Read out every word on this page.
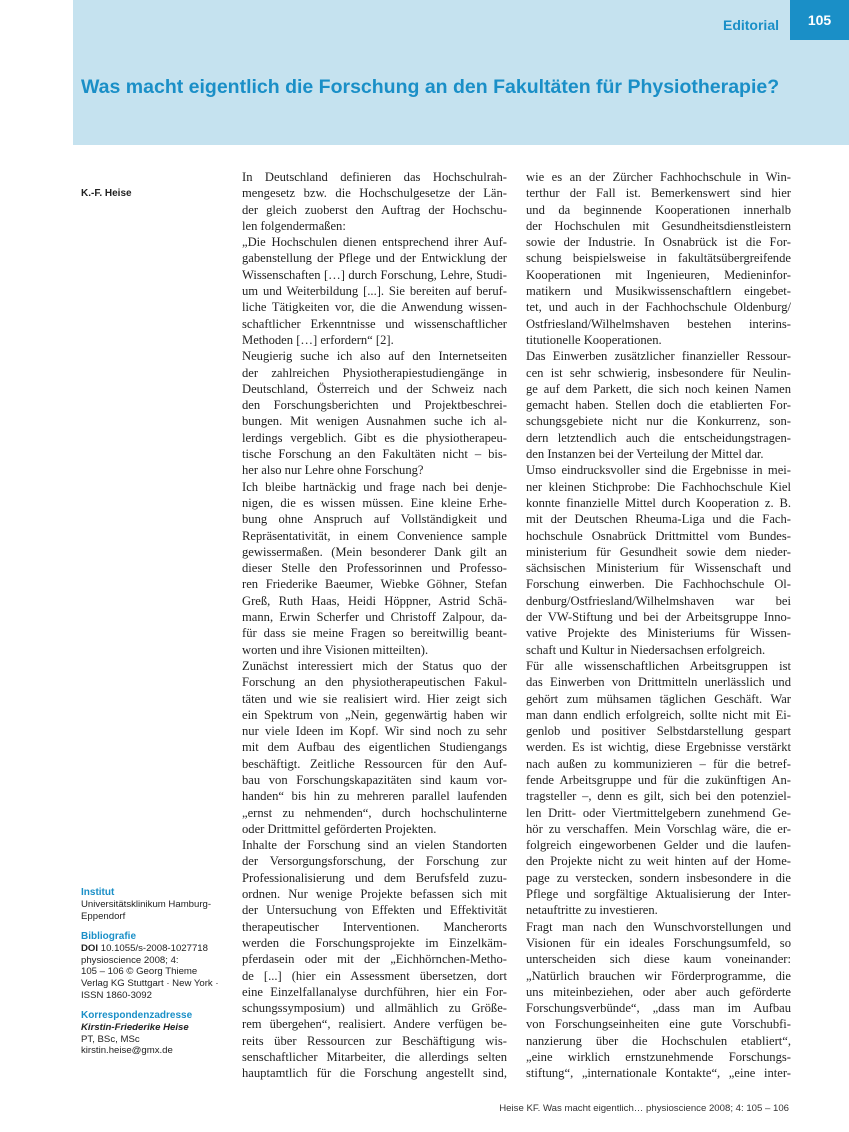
Editorial	105
Was macht eigentlich die Forschung an den Fakultäten für Physiotherapie?
K.-F. Heise
Institut
Universitätsklinikum Hamburg-
Eppendorf
Bibliografie
DOI 10.1055/s-2008-1027718
physioscience 2008; 4:
105 – 106 © Georg Thieme
Verlag KG Stuttgart · New York ·
ISSN 1860-3092
Korrespondenzadresse
Kirstin-Friederike Heise
PT, BSc, MSc
kirstin.heise@gmx.de

In Deutschland definieren das Hochschulrah-

mengesetz bzw. die Hochschulgesetze der Län-

der gleich zuoberst den Auftrag der Hochschu-

len folgendermaßen:

„Die Hochschulen dienen entsprechend ihrer Auf-

gabenstellung der Pflege und der Entwicklung der

Wissenschaften […] durch Forschung, Lehre, Studi-

um und Weiterbildung [...]. Sie bereiten auf beruf-

liche Tätigkeiten vor, die die Anwendung wissen-

schaftlicher Erkenntnisse und wissenschaftlicher

Methoden […] erfordern“ [2].

Neugierig suche ich also auf den Internetseiten

der zahlreichen Physiotherapiestudiengänge in

Deutschland, Österreich und der Schweiz nach

den Forschungsberichten und Projektbeschrei-

bungen. Mit wenigen Ausnahmen suche ich al-

lerdings vergeblich. Gibt es die physiotherapeu-

tische Forschung an den Fakultäten nicht – bis-

her also nur Lehre ohne Forschung?

Ich bleibe hartnäckig und frage nach bei denje-

nigen, die es wissen müssen. Eine kleine Erhe-

bung ohne Anspruch auf Vollständigkeit und

Repräsentativität, in einem Convenience sample

gewissermaßen. (Mein besonderer Dank gilt an

dieser Stelle den Professorinnen und Professo-

ren Friederike Baeumer, Wiebke Göhner, Stefan

Greß, Ruth Haas, Heidi Höppner, Astrid Schä-

mann, Erwin Scherfer und Christoff Zalpour, da-

für dass sie meine Fragen so bereitwillig beant-

worten und ihre Visionen mitteilten).

Zunächst interessiert mich der Status quo der

Forschung an den physiotherapeutischen Fakul-

täten und wie sie realisiert wird. Hier zeigt sich

ein Spektrum von „Nein, gegenwärtig haben wir

nur viele Ideen im Kopf. Wir sind noch zu sehr

mit dem Aufbau des eigentlichen Studiengangs

beschäftigt. Zeitliche Ressourcen für den Auf-

bau von Forschungskapazitäten sind kaum vor-

handen“ bis hin zu mehreren parallel laufenden

„ernst zu nehmenden“, durch hochschulinterne

oder Drittmittel geförderten Projekten.

Inhalte der Forschung sind an vielen Standorten

der Versorgungsforschung, der Forschung zur

Professionalisierung und dem Berufsfeld zuzu-

ordnen. Nur wenige Projekte befassen sich mit

der Untersuchung von Effekten und Effektivität

therapeutischer Interventionen. Mancherorts

werden die Forschungsprojekte im Einzelkäm-

pferdasein oder mit der „Eichhörnchen-Metho-

de [...] (hier ein Assessment übersetzen, dort

eine Einzelfallanalyse durchführen, hier ein For-

schungssymposium) und allmählich zu Größe-

rem übergehen“, realisiert. Andere verfügen be-

reits über Ressourcen zur Beschäftigung wis-

senschaftlicher Mitarbeiter, die allerdings selten

hauptamtlich für die Forschung angestellt sind,

wie es an der Zürcher Fachhochschule in Win-

terthur der Fall ist. Bemerkenswert sind hier

und da beginnende Kooperationen innerhalb

der Hochschulen mit Gesundheitsdienstleistern

sowie der Industrie. In Osnabrück ist die For-

schung beispielsweise in fakultätsübergreifende

Kooperationen mit Ingenieuren, Medieninfor-

matikern und Musikwissenschaftlern eingebet-

tet, und auch in der Fachhochschule Oldenburg/

Ostfriesland/Wilhelmshaven bestehen interins-

titutionelle Kooperationen.

Das Einwerben zusätzlicher finanzieller Ressour-

cen ist sehr schwierig, insbesondere für Neulin-

ge auf dem Parkett, die sich noch keinen Namen

gemacht haben. Stellen doch die etablierten For-

schungsgebiete nicht nur die Konkurrenz, son-

dern letztendlich auch die entscheidungstragen-

den Instanzen bei der Verteilung der Mittel dar.

Umso eindrucksvoller sind die Ergebnisse in mei-

ner kleinen Stichprobe: Die Fachhochschule Kiel

konnte finanzielle Mittel durch Kooperation z. B.

mit der Deutschen Rheuma-Liga und die Fach-

hochschule Osnabrück Drittmittel vom Bundes-

ministerium für Gesundheit sowie dem nieder-

sächsischen Ministerium für Wissenschaft und

Forschung einwerben. Die Fachhochschule Ol-

denburg/Ostfriesland/Wilhelmshaven war bei

der VW-Stiftung und bei der Arbeitsgruppe Inno-

vative Projekte des Ministeriums für Wissen-

schaft und Kultur in Niedersachsen erfolgreich.

Für alle wissenschaftlichen Arbeitsgruppen ist

das Einwerben von Drittmitteln unerlässlich und

gehört zum mühsamen täglichen Geschäft. War

man dann endlich erfolgreich, sollte nicht mit Ei-

genlob und positiver Selbstdarstellung gespart

werden. Es ist wichtig, diese Ergebnisse verstärkt

nach außen zu kommunizieren – für die betref-

fende Arbeitsgruppe und für die zukünftigen An-

tragsteller –, denn es gilt, sich bei den potenziel-

len Dritt- oder Viertmittelgebern zunehmend Ge-

hör zu verschaffen. Mein Vorschlag wäre, die er-

folgreich eingeworbenen Gelder und die laufen-

den Projekte nicht zu weit hinten auf der Home-

page zu verstecken, sondern insbesondere in die

Pflege und sorgfältige Aktualisierung der Inter-

netauftritte zu investieren.

Fragt man nach den Wunschvorstellungen und

Visionen für ein ideales Forschungsumfeld, so

unterscheiden sich diese kaum voneinander:

„Natürlich brauchen wir Förderprogramme, die

uns miteinbeziehen, oder aber auch geförderte

Forschungsverbünde“, „dass man im Aufbau

von Forschungseinheiten eine gute Vorschubfi-

nanzierung über die Hochschulen etabliert“,

„eine wirklich ernstzunehmende Forschungs-

stiftung“, „internationale Kontakte“, „eine inter-

Heise KF. Was macht eigentlich… physioscience 2008; 4: 105 – 106
